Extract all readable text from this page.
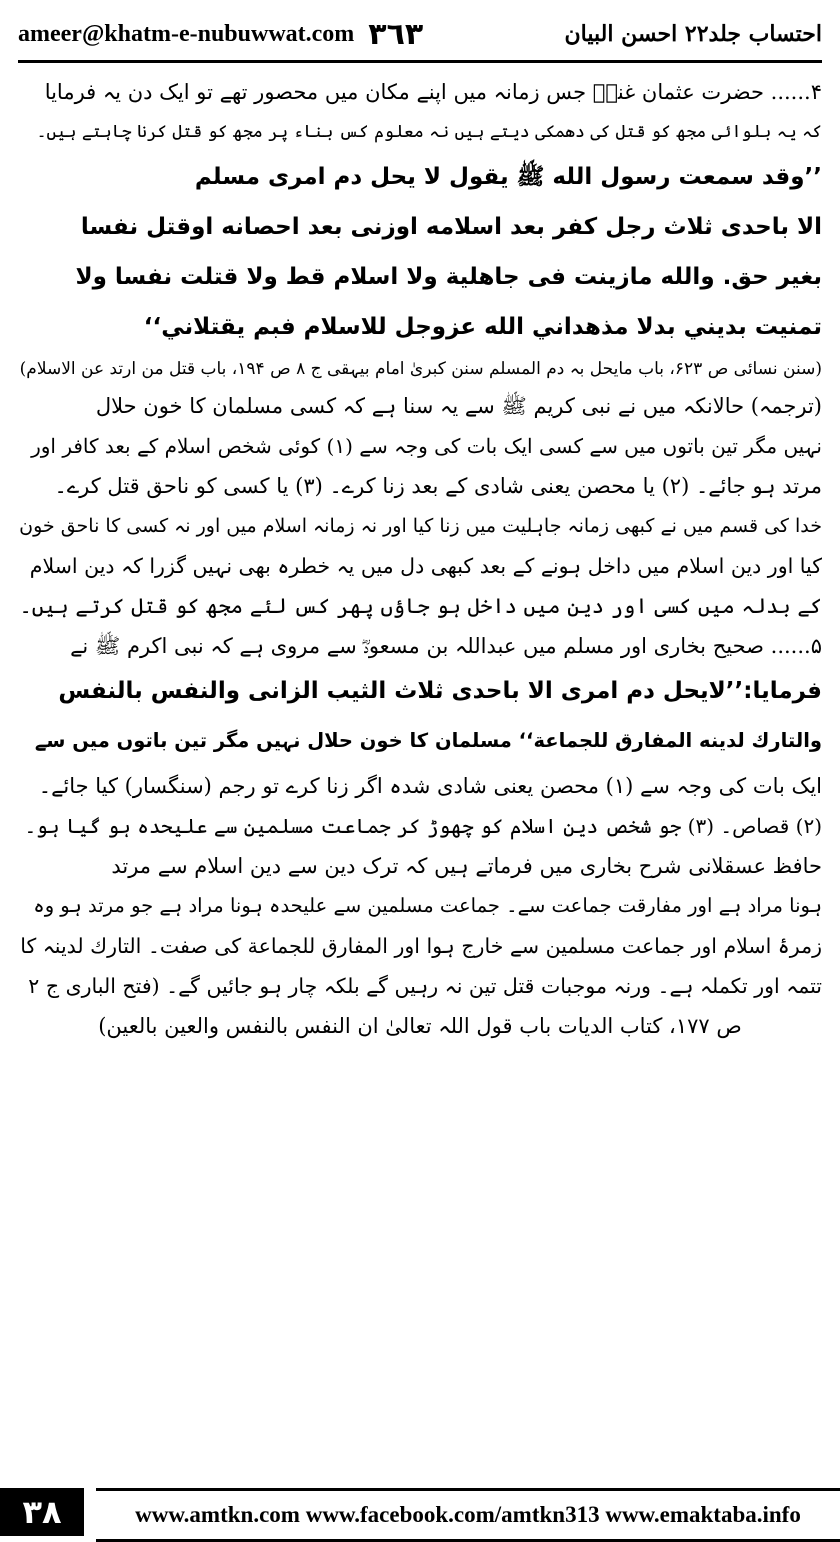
ameer@khatm-e-nubuwwat.com ٣٦٣	احتساب جلد٢٢ احسن البیان
۴...... حضرت عثمان غنیؓ جس زمانہ میں اپنے مکان میں محصور تھے تو ایک دن یہ فرمایا
کہ یہ بلوائی مجھ کو قتل کی دھمکی دیتے ہیں نہ معلوم کس بناء پر مجھ کو قتل کرنا چاہتے ہیں۔
’’وقد سمعت رسول الله ﷺ يقول لا يحل دم امرى مسلم
الا باحدى ثلاث رجل كفر بعد اسلامه اوزنى بعد احصانه اوقتل نفسا
بغير حق. والله مازينت فى جاهلية ولا اسلام قط ولا قتلت نفسا ولا
تمنيت بديني بدلا مذهداني الله عزوجل للاسلام فبم يقتلاني‘‘
(سنن نسائی ص ۶۲۳، باب مایحل بہ دم المسلم سنن کبریٰ امام بیہقی ج ۸ ص ۱۹۴، باب قتل من ارتد عن الاسلام)
(ترجمہ) حالانکہ میں نے نبی کریم ﷺ سے یہ سنا ہے کہ کسی مسلمان کا خون حلال
نہیں مگر تین باتوں میں سے کسی ایک بات کی وجہ سے (۱) کوئی شخص اسلام کے بعد کافر اور
مرتد ہو جائے۔ (۲) یا محصن یعنی شادی کے بعد زنا کرے۔ (۳) یا کسی کو ناحق قتل کرے۔
خدا کی قسم میں نے کبھی زمانہ جاہلیت میں زنا کیا اور نہ زمانہ اسلام میں اور نہ کسی کا ناحق خون
کیا اور دین اسلام میں داخل ہونے کے بعد کبھی دل میں یہ خطرہ بھی نہیں گزرا کہ دین اسلام
کے بدلہ میں کسی اور دین میں داخل ہو جاؤں پھر کس لئے مجھ کو قتل کرتے ہیں۔
۵...... صحیح بخاری اور مسلم میں عبداللہ بن مسعودؓ سے مروی ہے کہ نبی اکرم ﷺ نے
فرمایا:’’لايحل دم امرى الا باحدى ثلاث الثيب الزانى والنفس بالنفس
والتارك لدينه المفارق للجماعة‘‘ مسلمان کا خون حلال نہیں مگر تین باتوں میں سے
ایک بات کی وجہ سے (۱) محصن یعنی شادی شدہ اگر زنا کرے تو رجم (سنگسار) کیا جائے۔
(۲) قصاص۔ (۳) جو شخص دین اسلام کو چھوڑ کر جماعت مسلمین سے علیحدہ ہو گیا ہو۔
حافظ عسقلانی شرح بخاری میں فرماتے ہیں کہ ترک دین سے دین اسلام سے مرتد
ہونا مراد ہے اور مفارقت جماعت سے۔ جماعت مسلمین سے علیحدہ ہونا مراد ہے جو مرتد ہو وہ
زمرۂ اسلام اور جماعت مسلمین سے خارج ہوا اور المفارق للجماعة کی صفت۔ التارك لدینہ کا
تتمہ اور تکملہ ہے۔ ورنہ موجبات قتل تین نہ رہیں گے بلکہ چار ہو جائیں گے۔ (فتح الباری ج ۲
ص ۱۷۷، کتاب الدیات باب قول اللہ تعالیٰ ان النفس بالنفس والعین بالعین)
٣٨	www.amtkn.com www.facebook.com/amtkn313 www.emaktaba.info
